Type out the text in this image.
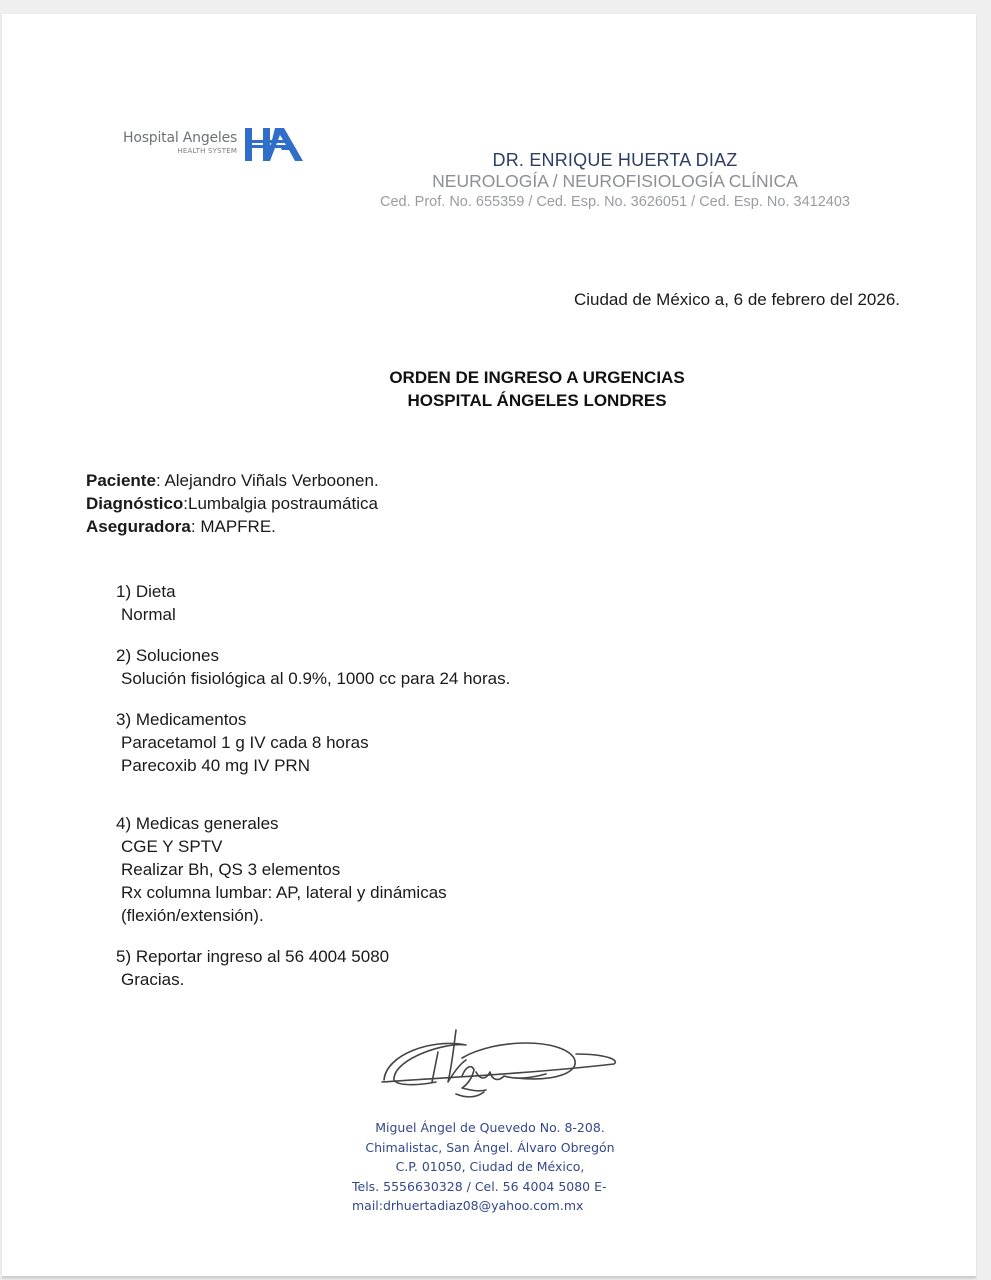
Hospital Angeles
HEALTH SYSTEM	DR. ENRIQUE HUERTA DIAZ
NEUROLOGÍA / NEUROFISIOLOGÍA CLÍNICA
Ced. Prof. No. 655359 / Ced. Esp. No. 3626051 / Ced. Esp. No. 3412403
Ciudad de México a, 6 de febrero del 2026.
ORDEN DE INGRESO A URGENCIAS
HOSPITAL ÁNGELES LONDRES
Paciente: Alejandro Viñals Verboonen.
Diagnóstico:Lumbalgia postraumática
Aseguradora: MAPFRE.
1) Dieta
Normal
2) Soluciones
Solución fisiológica al 0.9%, 1000 cc para 24 horas.
3) Medicamentos
Paracetamol 1 g IV cada 8 horas
Parecoxib 40 mg IV PRN
4) Medicas generales
CGE Y SPTV
Realizar Bh, QS 3 elementos
Rx columna lumbar: AP, lateral y dinámicas
(flexión/extensión).
5) Reportar ingreso al 56 4004 5080
Gracias.
Miguel Ángel de Quevedo No. 8-208.
Chimalistac, San Ángel. Álvaro Obregón
C.P. 01050, Ciudad de México,
Tels. 5556630328 / Cel. 56 4004 5080 E-
mail:drhuertadiaz08@yahoo.com.mx
